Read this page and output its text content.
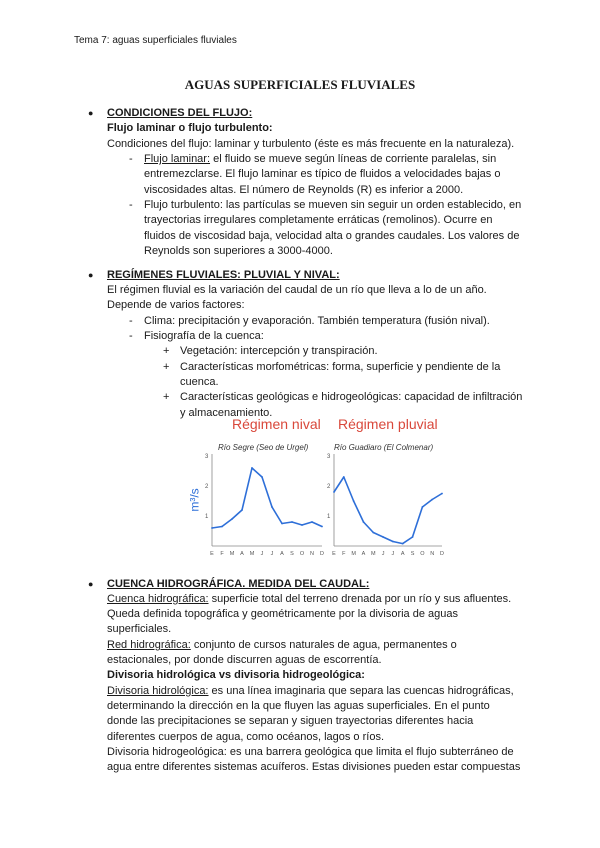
Tema 7: aguas superficiales fluviales
AGUAS SUPERFICIALES FLUVIALES
● CONDICIONES DEL FLUJO:
Flujo laminar o flujo turbulento:
Condiciones del flujo: laminar y turbulento (éste es más frecuente en la naturaleza).
- Flujo laminar: el fluido se mueve según líneas de corriente paralelas, sin
entremezclarse. El flujo laminar es típico de fluidos a velocidades bajas o
viscosidades altas. El número de Reynolds (R) es inferior a 2000.
- Flujo turbulento: las partículas se mueven sin seguir un orden establecido, en
trayectorias irregulares completamente erráticas (remolinos). Ocurre en
fluidos de viscosidad baja, velocidad alta o grandes caudales. Los valores de
Reynolds son superiores a 3000-4000.
● REGÍMENES FLUVIALES: PLUVIAL Y NIVAL:
El régimen fluvial es la variación del caudal de un río que lleva a lo de un año.
Depende de varios factores:
- Clima: precipitación y evaporación. También temperatura (fusión nival).
- Fisiografía de la cuenca:
+ Vegetación: intercepción y transpiración.
+ Características morfométricas: forma, superficie y pendiente de la
cuenca.
+ Características geológicas e hidrogeológicas: capacidad de infiltración
y almacenamiento.
Régimen nival Régimen pluvial
Río Segre (Seo de Urgel)	Río Guadiaro (El Colmenar)
m³/s
1
2
3
E F M A M J J A S O N D
1
2
3
E F M A M J J A S O N D
● CUENCA HIDROGRÁFICA. MEDIDA DEL CAUDAL:
Cuenca hidrográfica: superficie total del terreno drenada por un río y sus afluentes.
Queda definida topográfica y geométricamente por la divisoria de aguas
superficiales.
Red hidrográfica: conjunto de cursos naturales de agua, permanentes o
estacionales, por donde discurren aguas de escorrentía.
Divisoria hidrológica vs divisoria hidrogeológica:
Divisoria hidrológica: es una línea imaginaria que separa las cuencas hidrográficas,
determinando la dirección en la que fluyen las aguas superficiales. En el punto
donde las precipitaciones se separan y siguen trayectorias diferentes hacia
diferentes cuerpos de agua, como océanos, lagos o ríos.
Divisoria hidrogeológica: es una barrera geológica que limita el flujo subterráneo de
agua entre diferentes sistemas acuíferos. Estas divisiones pueden estar compuestas
